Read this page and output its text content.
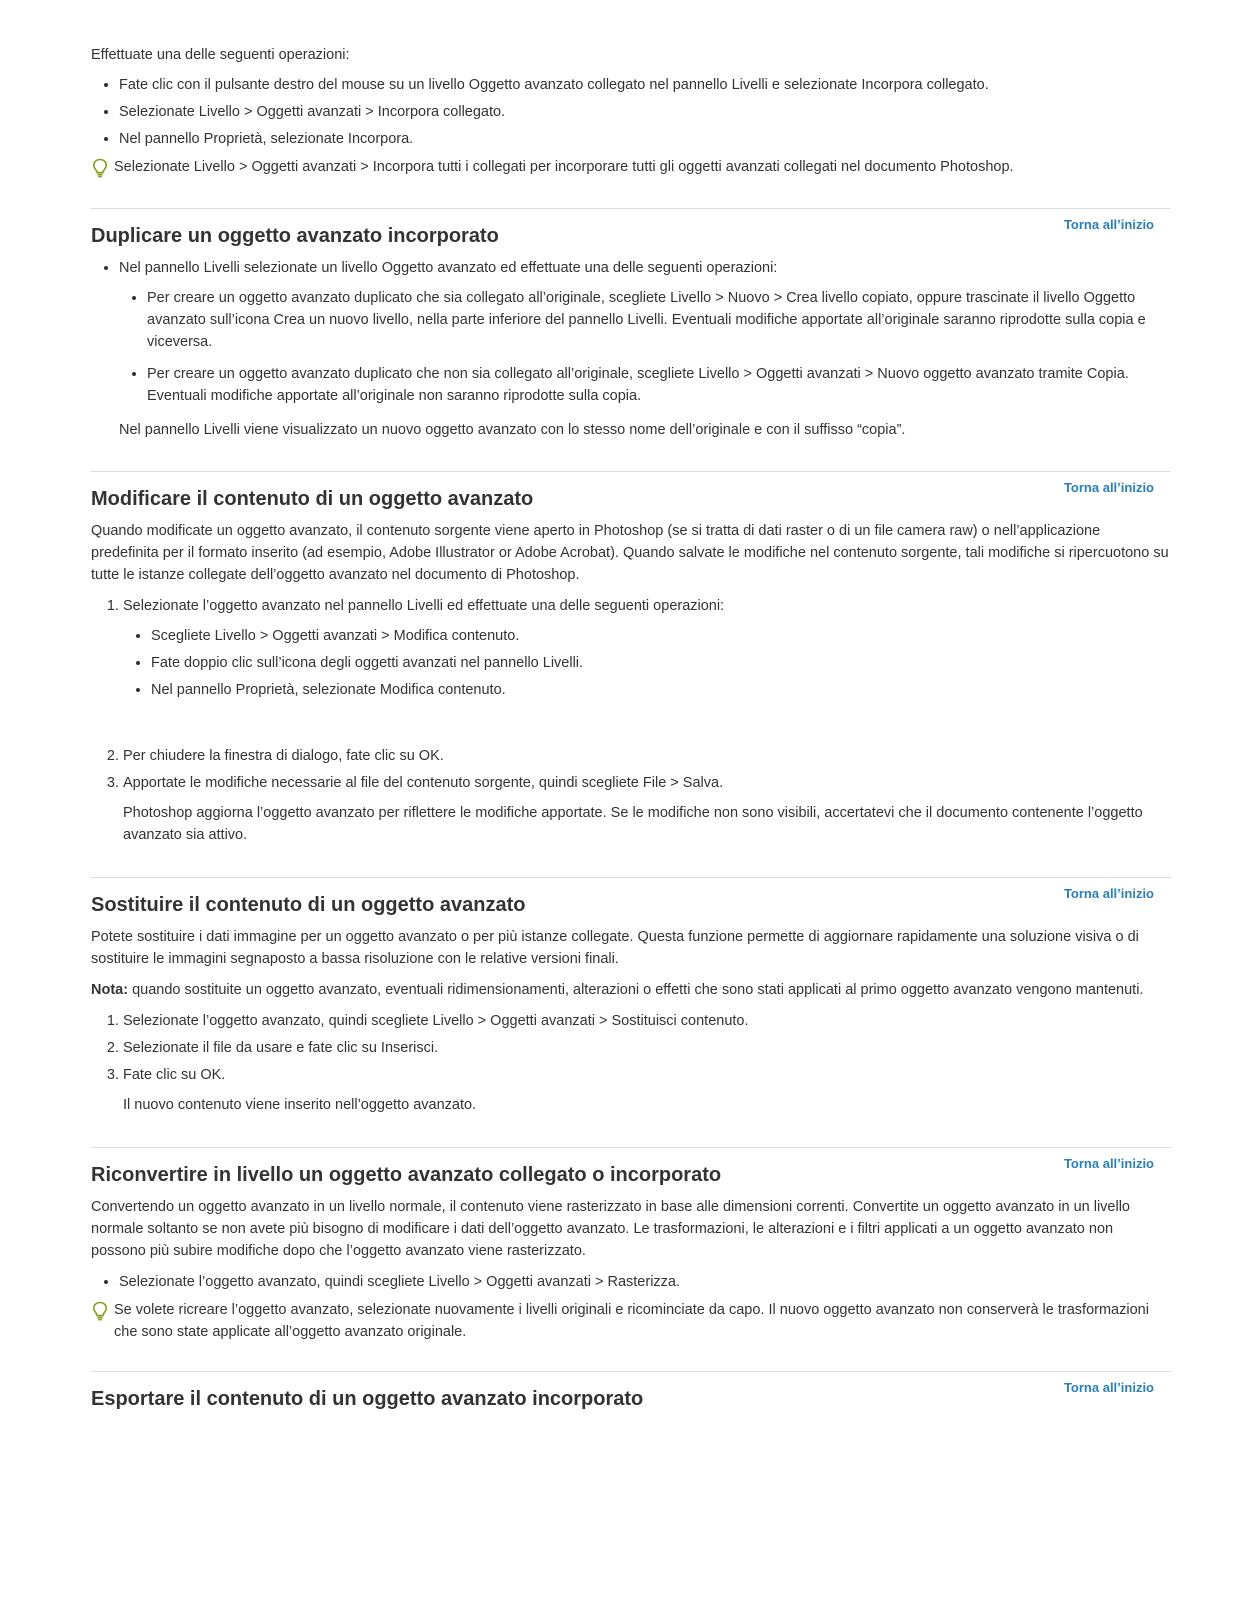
Effettuate una delle seguenti operazioni:

• Fate clic con il pulsante destro del mouse su un livello Oggetto avanzato collegato nel pannello Livelli e selezionate Incorpora collegato.
• Selezionate Livello > Oggetti avanzati > Incorpora collegato.
• Nel pannello Proprietà, selezionate Incorpora.
Selezionate Livello > Oggetti avanzati > Incorpora tutti i collegati per incorporare tutti gli oggetti avanzati collegati nel documento Photoshop.
Torna all’inizio
Duplicare un oggetto avanzato incorporato
• Nel pannello Livelli selezionate un livello Oggetto avanzato ed effettuate una delle seguenti operazioni:
• Per creare un oggetto avanzato duplicato che sia collegato all’originale, scegliete Livello > Nuovo > Crea livello copiato, oppure trascinate il livello Oggetto avanzato sull’icona Crea un nuovo livello, nella parte inferiore del pannello Livelli. Eventuali modifiche apportate all’originale saranno riprodotte sulla copia e viceversa.
• Per creare un oggetto avanzato duplicato che non sia collegato all’originale, scegliete Livello > Oggetti avanzati > Nuovo oggetto avanzato tramite Copia. Eventuali modifiche apportate all’originale non saranno riprodotte sulla copia.

Nel pannello Livelli viene visualizzato un nuovo oggetto avanzato con lo stesso nome dell’originale e con il suffisso “copia”.

Torna all’inizio
Modificare il contenuto di un oggetto avanzato

Quando modificate un oggetto avanzato, il contenuto sorgente viene aperto in Photoshop (se si tratta di dati raster o di un file camera raw) o nell’applicazione predefinita per il formato inserito (ad esempio, Adobe Illustrator or Adobe Acrobat). Quando salvate le modifiche nel contenuto sorgente, tali modifiche si ripercuotono su tutte le istanze collegate dell’oggetto avanzato nel documento di Photoshop.

1. Selezionate l’oggetto avanzato nel pannello Livelli ed effettuate una delle seguenti operazioni:
• Scegliete Livello > Oggetti avanzati > Modifica contenuto.
• Fate doppio clic sull’icona degli oggetti avanzati nel pannello Livelli.
• Nel pannello Proprietà, selezionate Modifica contenuto.
2. Per chiudere la finestra di dialogo, fate clic su OK.
3. Apportate le modifiche necessarie al file del contenuto sorgente, quindi scegliete File > Salva.

Photoshop aggiorna l’oggetto avanzato per riflettere le modifiche apportate. Se le modifiche non sono visibili, accertatevi che il documento contenente l’oggetto avanzato sia attivo.

Torna all’inizio
Sostituire il contenuto di un oggetto avanzato

Potete sostituire i dati immagine per un oggetto avanzato o per più istanze collegate. Questa funzione permette di aggiornare rapidamente una soluzione visiva o di sostituire le immagini segnaposto a bassa risoluzione con le relative versioni finali.

Nota: quando sostituite un oggetto avanzato, eventuali ridimensionamenti, alterazioni o effetti che sono stati applicati al primo oggetto avanzato vengono mantenuti.

1. Selezionate l’oggetto avanzato, quindi scegliete Livello > Oggetti avanzati > Sostituisci contenuto.
2. Selezionate il file da usare e fate clic su Inserisci.
3. Fate clic su OK.

Il nuovo contenuto viene inserito nell’oggetto avanzato.

Torna all’inizio
Riconvertire in livello un oggetto avanzato collegato o incorporato

Convertendo un oggetto avanzato in un livello normale, il contenuto viene rasterizzato in base alle dimensioni correnti. Convertite un oggetto avanzato in un livello normale soltanto se non avete più bisogno di modificare i dati dell’oggetto avanzato. Le trasformazioni, le alterazioni e i filtri applicati a un oggetto avanzato non possono più subire modifiche dopo che l’oggetto avanzato viene rasterizzato.

• Selezionate l’oggetto avanzato, quindi scegliete Livello > Oggetti avanzati > Rasterizza.
Se volete ricreare l’oggetto avanzato, selezionate nuovamente i livelli originali e ricominciate da capo. Il nuovo oggetto avanzato non conserverà le trasformazioni che sono state applicate all’oggetto avanzato originale.
Torna all’inizio
Esportare il contenuto di un oggetto avanzato incorporato
